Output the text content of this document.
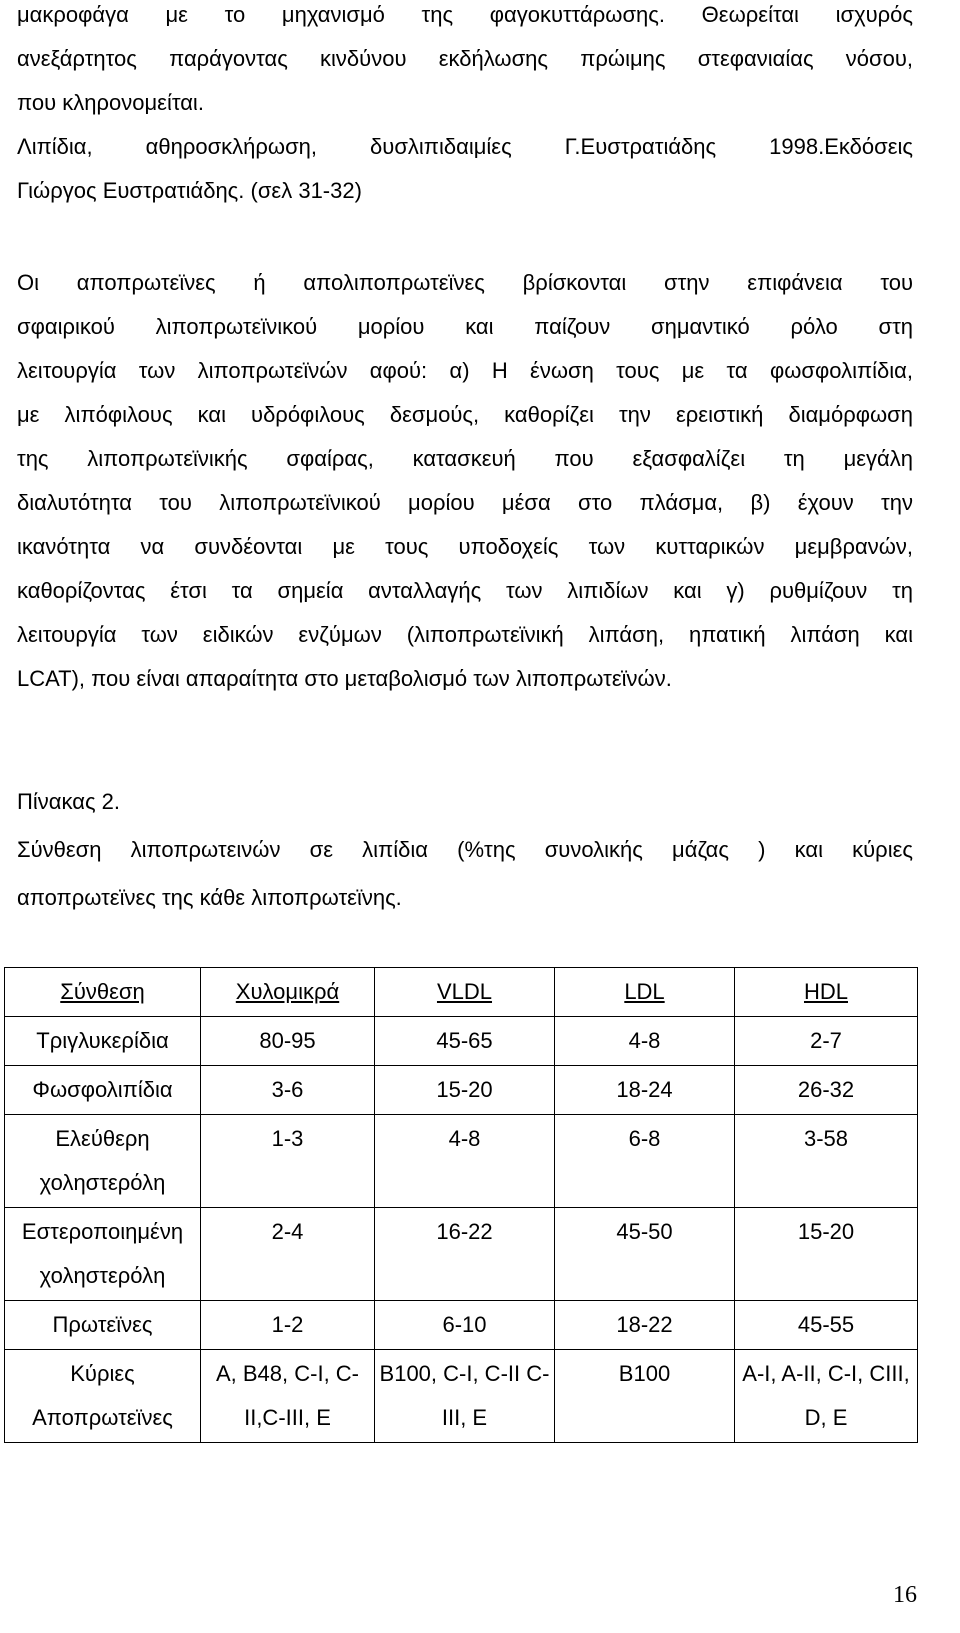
μακροφάγα με το μηχανισμό της φαγοκυττάρωσης. Θεωρείται ισχυρός
ανεξάρτητος παράγοντας κινδύνου εκδήλωσης πρώιμης στεφανιαίας νόσου,
που κληρονομείται.
Λιπίδια, αθηροσκλήρωση, δυσλιπιδαιμίες Γ.Ευστρατιάδης 1998.Εκδόσεις
Γιώργος Ευστρατιάδης. (σελ 31-32)
Οι αποπρωτεϊνες ή απολιποπρωτεϊνες βρίσκονται στην επιφάνεια του
σφαιρικού λιποπρωτεϊνικού μορίου και παίζουν σημαντικό ρόλο στη
λειτουργία των λιποπρωτεϊνών αφού: α) Η ένωση τους με τα φωσφολιπίδια,
με λιπόφιλους και υδρόφιλους δεσμούς, καθορίζει την ερειστική διαμόρφωση
της λιποπρωτεϊνικής σφαίρας, κατασκευή που εξασφαλίζει τη μεγάλη
διαλυτότητα του λιποπρωτεϊνικού μορίου μέσα στο πλάσμα, β) έχουν την
ικανότητα να συνδέονται με τους υποδοχείς των κυτταρικών μεμβρανών,
καθορίζοντας έτσι τα σημεία ανταλλαγής των λιπιδίων και γ) ρυθμίζουν τη
λειτουργία των ειδικών ενζύμων (λιποπρωτεϊνική λιπάση, ηπατική λιπάση και
LCAT), που είναι απαραίτητα στο μεταβολισμό των λιποπρωτεϊνών.
Πίνακας 2.
Σύνθεση λιποπρωτεινών σε λιπίδια (%της συνολικής μάζας ) και κύριες
αποπρωτεϊνες της κάθε λιποπρωτεϊνης.
Σύνθεση	Χυλομικρά	VLDL	LDL	HDL
Τριγλυκερίδια	80-95	45-65	4-8	2-7
Φωσφολιπίδια	3-6	15-20	18-24	26-32
Ελεύθερη χοληστερόλη	1-3	4-8	6-8	3-58
Εστεροποιημένη χοληστερόλη	2-4	16-22	45-50	15-20
Πρωτεϊνες	1-2	6-10	18-22	45-55
Κύριες Αποπρωτεϊνες	A, B48, C-I, C-II,C-III, E	B100, C-I, C-II C-III, E	B100	A-I, A-II, C-I, CIII, D, E
16
